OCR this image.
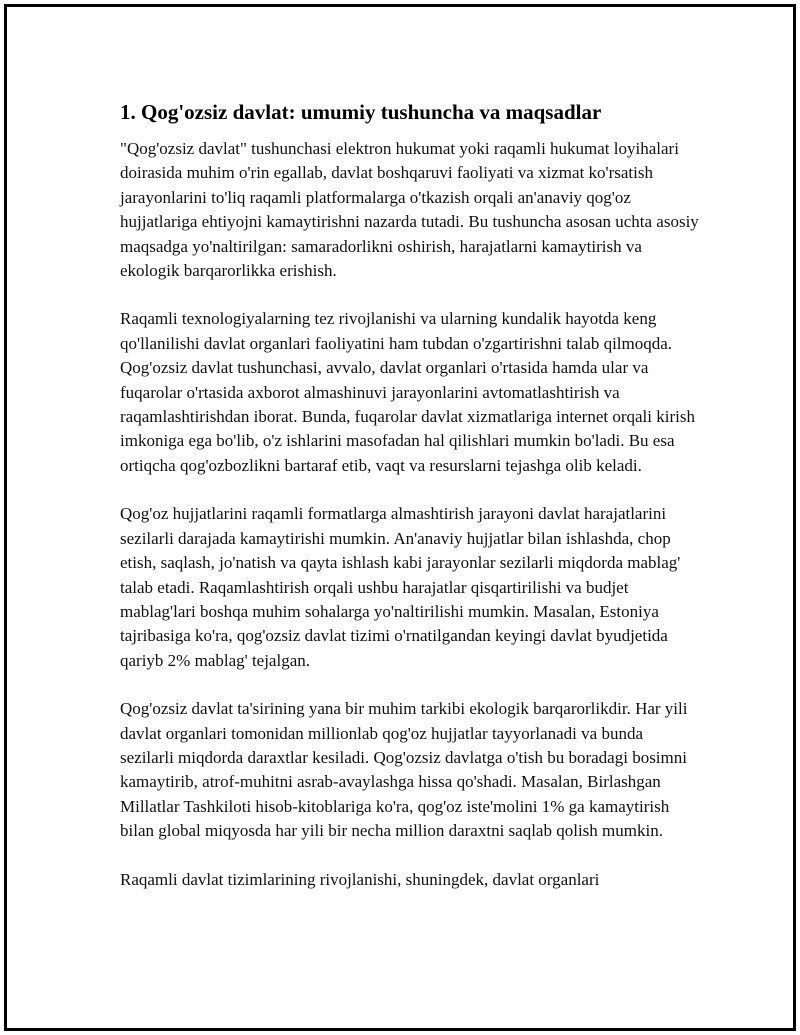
1. Qog'ozsiz davlat: umumiy tushuncha va maqsadlar

"Qog'ozsiz davlat" tushunchasi elektron hukumat yoki raqamli hukumat loyihalari doirasida muhim o'rin egallab, davlat boshqaruvi faoliyati va xizmat ko'rsatish jarayonlarini to'liq raqamli platformalarga o'tkazish orqali an'anaviy qog'oz hujjatlariga ehtiyojni kamaytirishni nazarda tutadi. Bu tushuncha asosan uchta asosiy maqsadga yo'naltirilgan: samaradorlikni oshirish, harajatlarni kamaytirish va ekologik barqarorlikka erishish.

Raqamli texnologiyalarning tez rivojlanishi va ularning kundalik hayotda keng qo'llanilishi davlat organlari faoliyatini ham tubdan o'zgartirishni talab qilmoqda. Qog'ozsiz davlat tushunchasi, avvalo, davlat organlari o'rtasida hamda ular va fuqarolar o'rtasida axborot almashinuvi jarayonlarini avtomatlashtirish va raqamlashtirishdan iborat. Bunda, fuqarolar davlat xizmatlariga internet orqali kirish imkoniga ega bo'lib, o'z ishlarini masofadan hal qilishlari mumkin bo'ladi. Bu esa ortiqcha qog'ozbozlikni bartaraf etib, vaqt va resurslarni tejashga olib keladi.

Qog'oz hujjatlarini raqamli formatlarga almashtirish jarayoni davlat harajatlarini sezilarli darajada kamaytirishi mumkin. An'anaviy hujjatlar bilan ishlashda, chop etish, saqlash, jo'natish va qayta ishlash kabi jarayonlar sezilarli miqdorda mablag' talab etadi. Raqamlashtirish orqali ushbu harajatlar qisqartirilishi va budjet mablag'lari boshqa muhim sohalarga yo'naltirilishi mumkin. Masalan, Estoniya tajribasiga ko'ra, qog'ozsiz davlat tizimi o'rnatilgandan keyingi davlat byudjetida qariyb 2% mablag' tejalgan.

Qog'ozsiz davlat ta'sirining yana bir muhim tarkibi ekologik barqarorlikdir. Har yili davlat organlari tomonidan millionlab qog'oz hujjatlar tayyorlanadi va bunda sezilarli miqdorda daraxtlar kesiladi. Qog'ozsiz davlatga o'tish bu boradagi bosimni kamaytirib, atrof-muhitni asrab-avaylashga hissa qo'shadi. Masalan, Birlashgan Millatlar Tashkiloti hisob-kitoblariga ko'ra, qog'oz iste'molini 1% ga kamaytirish bilan global miqyosda har yili bir necha million daraxtni saqlab qolish mumkin.

Raqamli davlat tizimlarining rivojlanishi, shuningdek, davlat organlari
